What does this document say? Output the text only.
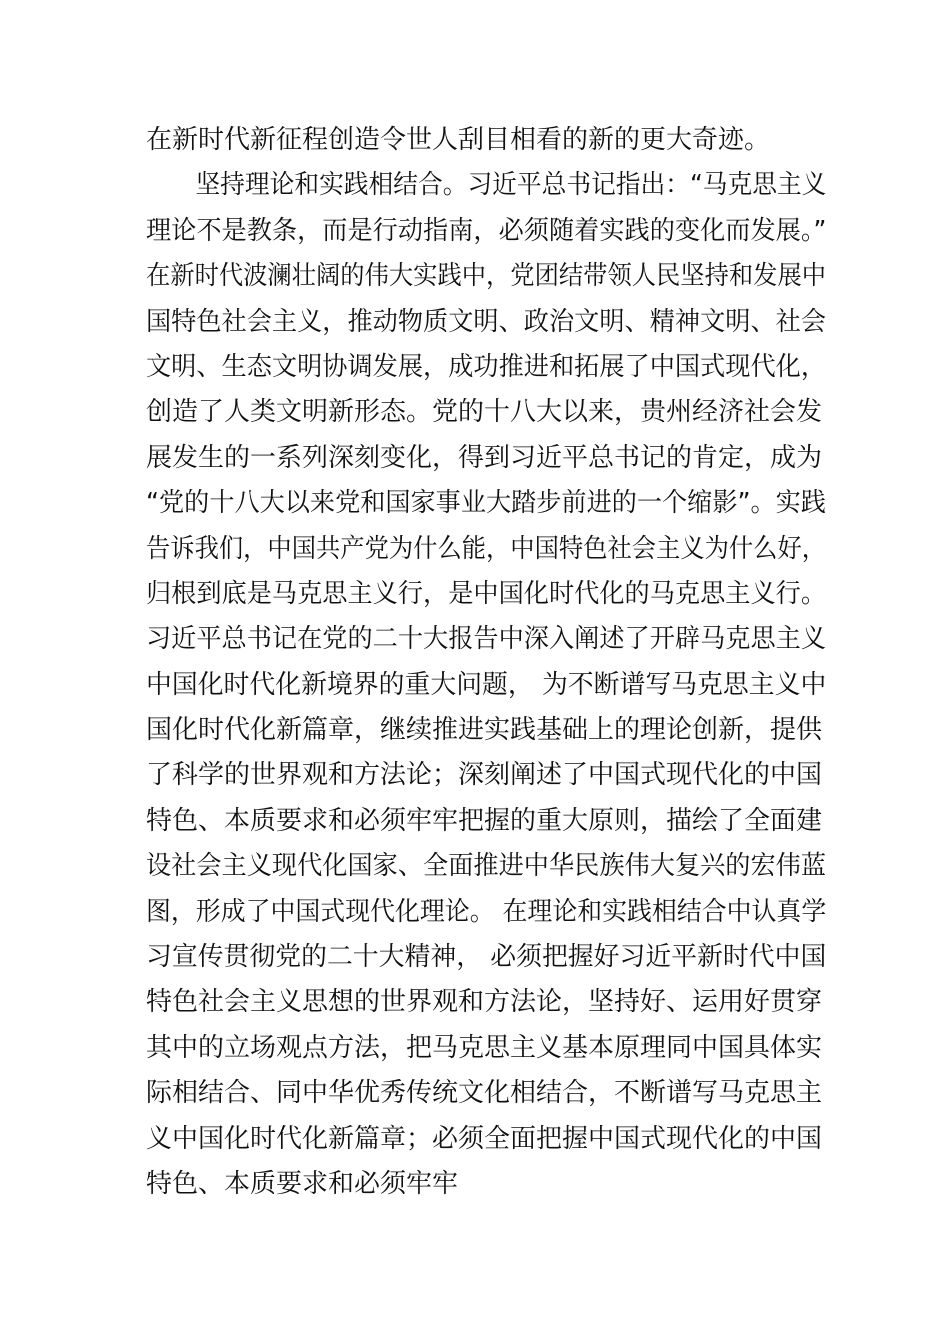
在新时代新征程创造令世人刮目相看的新的更大奇迹。
　　坚持理论和实践相结合。习近平总书记指出：“马克思主义
理论不是教条，而是行动指南，必须随着实践的变化而发展。”
在新时代波澜壮阔的伟大实践中，党团结带领人民坚持和发展中
国特色社会主义，推动物质文明、政治文明、精神文明、社会
文明、生态文明协调发展，成功推进和拓展了中国式现代化，
创造了人类文明新形态。党的十八大以来，贵州经济社会发
展发生的一系列深刻变化，得到习近平总书记的肯定，成为
“党的十八大以来党和国家事业大踏步前进的一个缩影”。实践
告诉我们，中国共产党为什么能，中国特色社会主义为什么好，
归根到底是马克思主义行，是中国化时代化的马克思主义行。
习近平总书记在党的二十大报告中深入阐述了开辟马克思主义
中国化时代化新境界的重大问题， 为不断谱写马克思主义中
国化时代化新篇章，继续推进实践基础上的理论创新，提供
了科学的世界观和方法论；深刻阐述了中国式现代化的中国
特色、本质要求和必须牢牢把握的重大原则，描绘了全面建
设社会主义现代化国家、全面推进中华民族伟大复兴的宏伟蓝
图，形成了中国式现代化理论。 在理论和实践相结合中认真学
习宣传贯彻党的二十大精神， 必须把握好习近平新时代中国
特色社会主义思想的世界观和方法论，坚持好、运用好贯穿
其中的立场观点方法，把马克思主义基本原理同中国具体实
际相结合、同中华优秀传统文化相结合，不断谱写马克思主
义中国化时代化新篇章；必须全面把握中国式现代化的中国
特色、本质要求和必须牢牢
